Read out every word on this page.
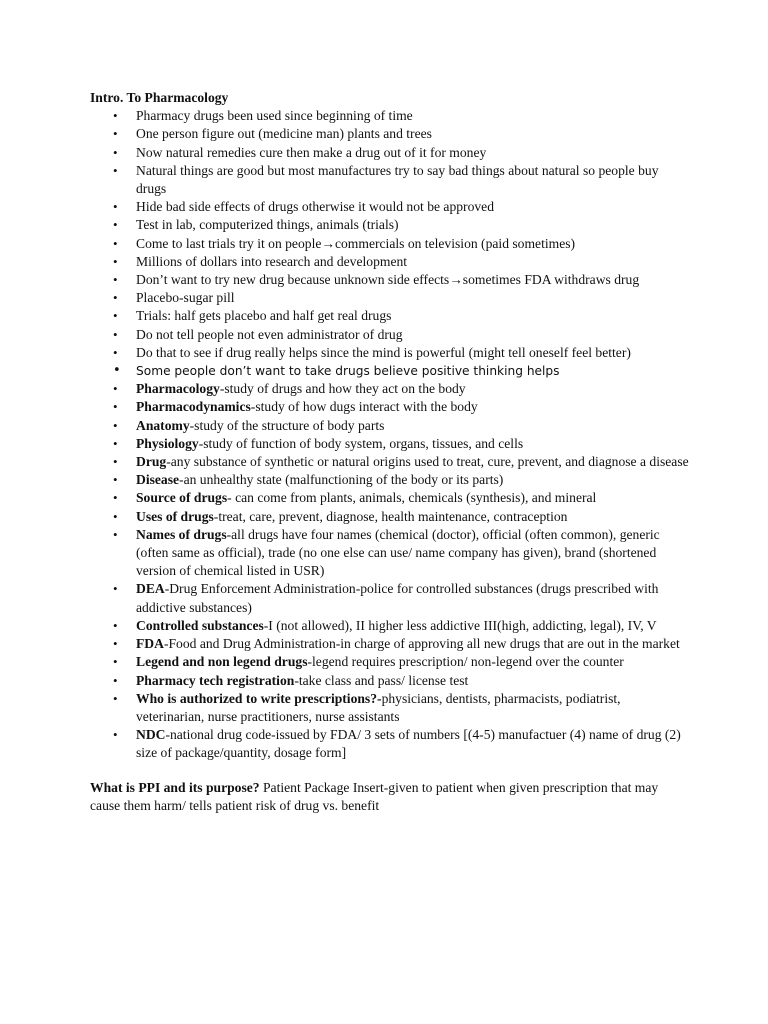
Intro. To Pharmacology

• Pharmacy drugs been used since beginning of time
• One person figure out (medicine man) plants and trees
• Now natural remedies cure then make a drug out of it for money
• Natural things are good but most manufactures try to say bad things about natural so people buy drugs
• Hide bad side effects of drugs otherwise it would not be approved
• Test in lab, computerized things, animals (trials)
• Come to last trials try it on people→commercials on television (paid sometimes)
• Millions of dollars into research and development
• Don’t want to try new drug because unknown side effects→sometimes FDA withdraws drug
• Placebo-sugar pill
• Trials: half gets placebo and half get real drugs
• Do not tell people not even administrator of drug
• Do that to see if drug really helps since the mind is powerful (might tell oneself feel better)
• Some people don’t want to take drugs believe positive thinking helps
• Pharmacology-study of drugs and how they act on the body
• Pharmacodynamics-study of how dugs interact with the body
• Anatomy-study of the structure of body parts
• Physiology-study of function of body system, organs, tissues, and cells
• Drug-any substance of synthetic or natural origins used to treat, cure, prevent, and diagnose a disease
• Disease-an unhealthy state (malfunctioning of the body or its parts)
• Source of drugs- can come from plants, animals, chemicals (synthesis), and mineral
• Uses of drugs-treat, care, prevent, diagnose, health maintenance, contraception
• Names of drugs-all drugs have four names (chemical (doctor), official (often common), generic (often same as official), trade (no one else can use/ name company has given), brand (shortened version of chemical listed in USR)
• DEA-Drug Enforcement Administration-police for controlled substances (drugs prescribed with addictive substances)
• Controlled substances-I (not allowed), II higher less addictive III(high, addicting, legal), IV, V
• FDA-Food and Drug Administration-in charge of approving all new drugs that are out in the market
• Legend and non legend drugs-legend requires prescription/ non-legend over the counter
• Pharmacy tech registration-take class and pass/ license test
• Who is authorized to write prescriptions?-physicians, dentists, pharmacists, podiatrist, veterinarian, nurse practitioners, nurse assistants
• NDC-national drug code-issued by FDA/ 3 sets of numbers [(4-5) manufactuer (4) name of drug (2) size of package/quantity, dosage form]

What is PPI and its purpose? Patient Package Insert-given to patient when given prescription that may cause them harm/ tells patient risk of drug vs. benefit
